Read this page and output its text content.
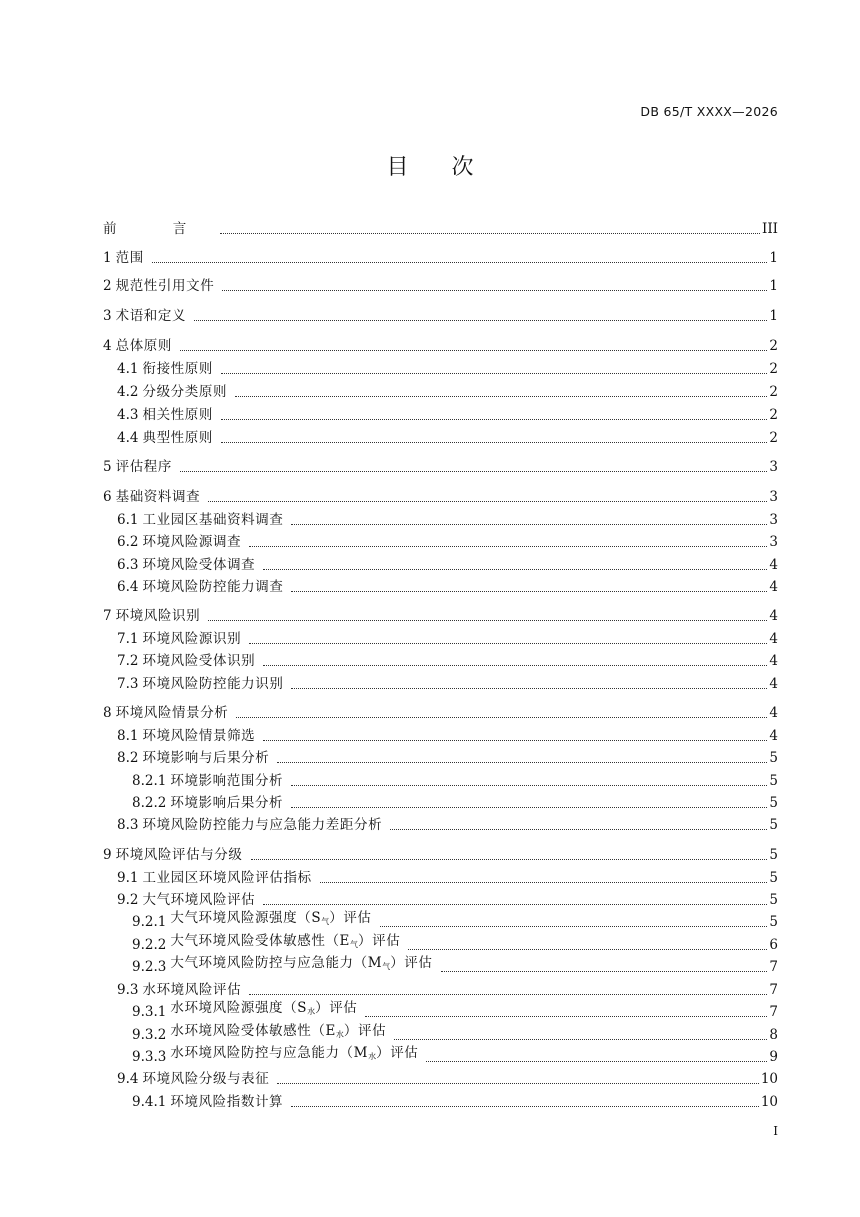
DB 65/T XXXX—2026
目 次
前 言	III
1 范围	1
2 规范性引用文件	1
3 术语和定义	1
4 总体原则	2
4.1 衔接性原则	2
4.2 分级分类原则	2
4.3 相关性原则	2
4.4 典型性原则	2
5 评估程序	3
6 基础资料调查	3
6.1 工业园区基础资料调查	3
6.2 环境风险源调查	3
6.3 环境风险受体调查	4
6.4 环境风险防控能力调查	4
7 环境风险识别	4
7.1 环境风险源识别	4
7.2 环境风险受体识别	4
7.3 环境风险防控能力识别	4
8 环境风险情景分析	4
8.1 环境风险情景筛选	4
8.2 环境影响与后果分析	5
8.2.1 环境影响范围分析	5
8.2.2 环境影响后果分析	5
8.3 环境风险防控能力与应急能力差距分析	5
9 环境风险评估与分级	5
9.1 工业园区环境风险评估指标	5
9.2 大气环境风险评估	5
9.2.1 大气环境风险源强度$(S_气)$评估	5
9.2.2 大气环境风险受体敏感性$(E_气)$评估	6
9.2.3 大气环境风险防控与应急能力$(M_气)$评估	7
9.3 水环境风险评估	7
9.3.1 水环境风险源强度$(S_水)$评估	7
9.3.2 水环境风险受体敏感性$(E_水)$评估	8
9.3.3 水环境风险防控与应急能力$(M_水)$评估	9
9.4 环境风险分级与表征	10
9.4.1 环境风险指数计算	10
I
